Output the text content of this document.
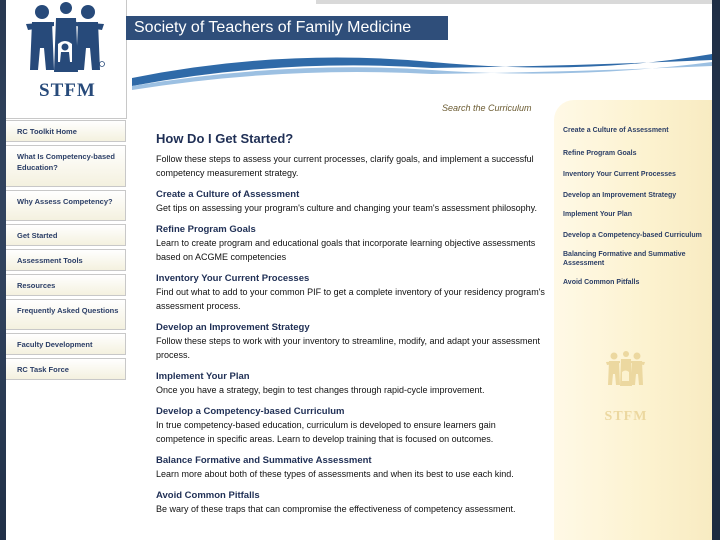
STFM
Society of Teachers of Family Medicine
Search the Curriculum
RC Toolkit Home
What Is Competency-based Education?
Why Assess Competency?
Get Started
Assessment Tools
Resources
Frequently Asked Questions
Faculty Development
RC Task Force
How Do I Get Started?

Follow these steps to assess your current processes, clarify goals, and implement a successful competency measurement strategy.

Create a Culture of Assessment

Get tips on assessing your program's culture and changing your team's assessment philosophy.

Refine Program Goals

Learn to create program and educational goals that incorporate learning objective assessments based on ACGME competencies

Inventory Your Current Processes

Find out what to add to your common PIF to get a complete inventory of your residency program's assessment process.

Develop an Improvement Strategy

Follow these steps to work with your inventory to streamline, modify, and adapt your assessment process.

Implement Your Plan

Once you have a strategy, begin to test changes through rapid-cycle improvement.

Develop a Competency-based Curriculum

In true competency-based education, curriculum is developed to ensure learners gain competence in specific areas. Learn to develop training that is focused on outcomes.

Balance Formative and Summative Assessment

Learn more about both of these types of assessments and when its best to use each kind.

Avoid Common Pitfalls

Be wary of these traps that can compromise the effectiveness of competency assessment.

Create a Culture of Assessment
Refine Program Goals
Inventory Your Current Processes
Develop an Improvement Strategy
Implement Your Plan
Develop a Competency-based Curriculum
Balancing Formative and Summative Assessment
Avoid Common Pitfalls
STFM
